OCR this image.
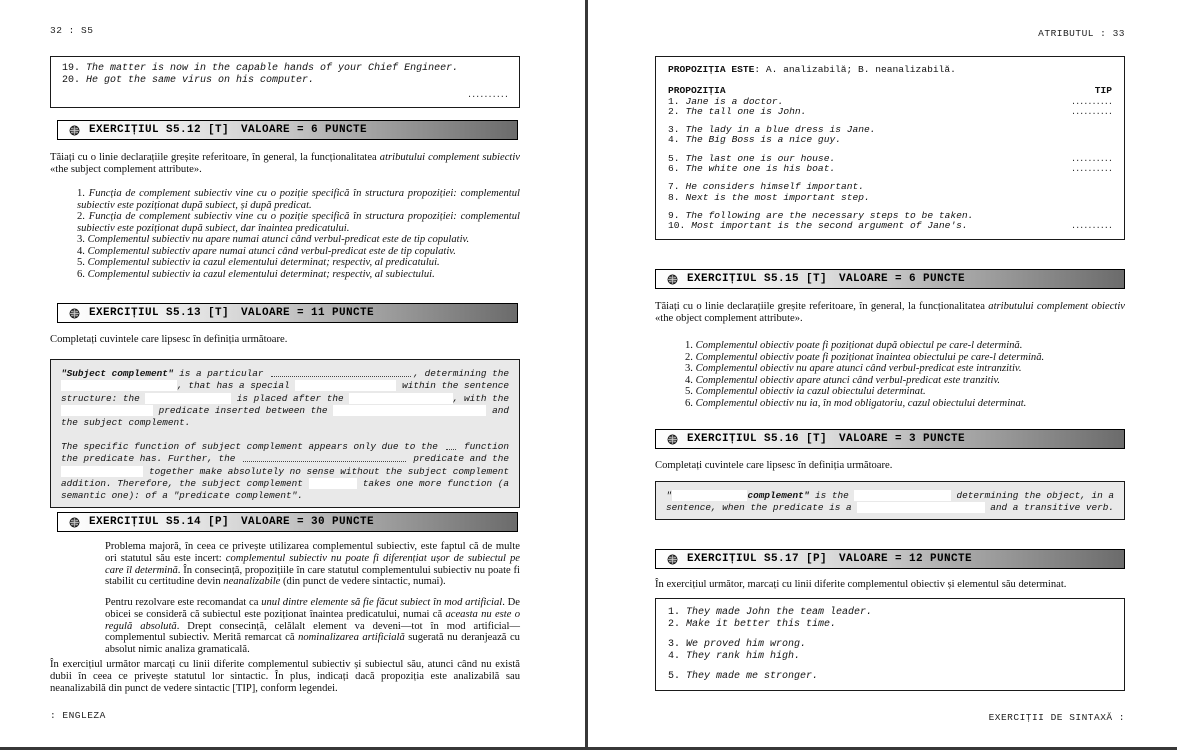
32 : S5
19. The matter is now in the capable hands of your Chief Engineer.
20. He got the same virus on his computer.
..........
EXERCIȚIUL S5.12 [T]	VALOARE = 6 PUNCTE
Tăiați cu o linie declarațiile greșite referitoare, în general, la funcționalitatea atributului complement subiectiv «the subject complement attribute».
1. Funcția de complement subiectiv vine cu o poziție specifică în structura propoziției: complementul subiectiv este poziționat după subiect, și după predicat.
2. Funcția de complement subiectiv vine cu o poziție specifică în structura propoziției: complementul subiectiv este poziționat după subiect, dar înaintea predicatului.
3. Complementul subiectiv nu apare numai atunci când verbul-predicat este de tip copulativ.
4. Complementul subiectiv apare numai atunci când verbul-predicat este de tip copulativ.
5. Complementul subiectiv ia cazul elementului determinat; respectiv, al predicatului.
6. Complementul subiectiv ia cazul elementului determinat; respectiv, al subiectului.
EXERCIȚIUL S5.13 [T]	VALOARE = 11 PUNCTE
Completați cuvintele care lipsesc în definiția următoare.
"Subject complement" is a particular	, determining the
, that has a special	within the sentence
structure: the	is placed after the	, with the
predicate inserted between the	and
the subject complement.
The specific function of subject complement appears only due to the function
the predicate has. Further, the	predicate and the
together make absolutely no sense without the subject complement
addition. Therefore, the subject complement	takes one more function (a
semantic one): of a "predicate complement".
EXERCIȚIUL S5.14 [P]	VALOARE = 30 PUNCTE
Problema majoră, în ceea ce privește utilizarea complementul subiectiv, este faptul că de multe ori statutul său este incert: complementul subiectiv nu poate fi diferențiat ușor de subiectul pe care îl determină. În consecință, propozițiile în care statutul complementului subiectiv nu poate fi stabilit cu certitudine devin neanalizabile (din punct de vedere sintactic, numai).
Pentru rezolvare este recomandat ca unul dintre elemente să fie făcut subiect în mod artificial. De obicei se consideră că subiectul este poziționat înaintea predicatului, numai că aceasta nu este o regulă absolută. Drept consecință, celălalt element va deveni—tot în mod artificial—complementul subiectiv. Merită remarcat că nominalizarea artificială sugerată nu deranjează cu absolut nimic analiza gramaticală.
În exercițiul următor marcați cu linii diferite complementul subiectiv și subiectul său, atunci când nu există dubii în ceea ce privește statutul lor sintactic. În plus, indicați dacă propoziția este analizabilă sau neanalizabilă din punct de vedere sintactic [TIP], conform legendei.
: ENGLEZA
ATRIBUTUL : 33
PROPOZIȚIA ESTE : A. analizabilă; B. neanalizabilă.
PROPOZIȚIA	TIP
1. Jane is a doctor.	..........
2. The tall one is John.	..........
3. The lady in a blue dress is Jane.
4. The Big Boss is a nice guy.
5. The last one is our house.	..........
6. The white one is his boat.	..........
7. He considers himself important.
8. Next is the most important step.
9. The following are the necessary steps to be taken.
10. Most important is the second argument of Jane's.	..........
EXERCIȚIUL S5.15 [T]	VALOARE = 6 PUNCTE
Tăiați cu o linie declarațiile greșite referitoare, în general, la funcționalitatea atributului complement obiectiv «the object complement attribute».
1. Complementul obiectiv poate fi poziționat după obiectul pe care-l determină.
2. Complementul obiectiv poate fi poziționat înaintea obiectului pe care-l determină.
3. Complementul obiectiv nu apare atunci când verbul-predicat este intranzitiv.
4. Complementul obiectiv apare atunci când verbul-predicat este tranzitiv.
5. Complementul obiectiv ia cazul obiectului determinat.
6. Complementul obiectiv nu ia, în mod obligatoriu, cazul obiectului determinat.
EXERCIȚIUL S5.16 [T]	VALOARE = 3 PUNCTE
Completați cuvintele care lipsesc în definiția următoare.
"	complement" is the	determining the object, in a
sentence, when the predicate is a	and a transitive verb.
EXERCIȚIUL S5.17 [P]	VALOARE = 12 PUNCTE
În exercițiul următor, marcați cu linii diferite complementul obiectiv și elementul său determinat.
1. They made John the team leader.
2. Make it better this time.
3. We proved him wrong.
4. They rank him high.
5. They made me stronger.
EXERCIȚII DE SINTAXĂ :
